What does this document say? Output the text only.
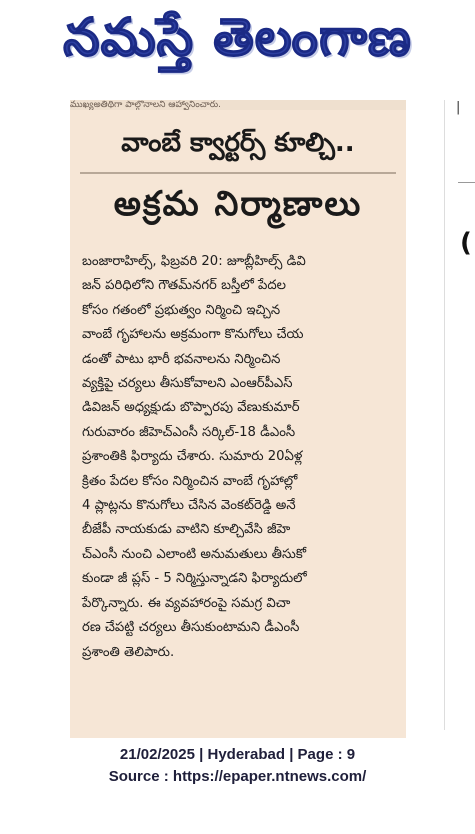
నమస్తే తెలంగాణ
|
(
ముఖ్యఅతిథిగా పాల్గొనాలని ఆహ్వానించారు.
వాంబే క్వార్టర్స్ కూల్చి..
అక్రమ నిర్మాణాలు

బంజారాహిల్స్, ఫిబ్రవరి 20: జూబ్లీహిల్స్ డివి

జన్ పరిధిలోని గౌతమ్‌నగర్ బస్తీలో పేదల

కోసం గతంలో ప్రభుత్వం నిర్మించి ఇచ్చిన

వాంబే గృహాలను అక్రమంగా కొనుగోలు చేయ

డంతో పాటు భారీ భవనాలను నిర్మించిన

వ్యక్తిపై చర్యలు తీసుకోవాలని ఎంఆర్‌పీఎస్

డివిజన్ అధ్యక్షుడు బొప్పారపు వేణుకుమార్

గురువారం జీహెచ్‌ఎంసీ సర్కిల్-18 డీఎంసీ

ప్రశాంతికి ఫిర్యాదు చేశారు. సుమారు 20ఏళ్ల

క్రితం పేదల కోసం నిర్మించిన వాంబే గృహాల్లో

4 ప్లాట్లను కొనుగోలు చేసిన వెంకట్‌రెడ్డి అనే

బీజేపీ నాయకుడు వాటిని కూల్చివేసి జీహె

చ్‌ఎంసీ నుంచి ఎలాంటి అనుమతులు తీసుకో

కుండా జీ ప్లస్ - 5 నిర్మిస్తున్నాడని ఫిర్యాదులో

పేర్కొన్నారు. ఈ వ్యవహారంపై సమగ్ర విచా

రణ చేపట్టి చర్యలు తీసుకుంటామని డీఎంసీ

ప్రశాంతి తెలిపారు.

21/02/2025 | Hyderabad | Page : 9
Source : https://epaper.ntnews.com/
